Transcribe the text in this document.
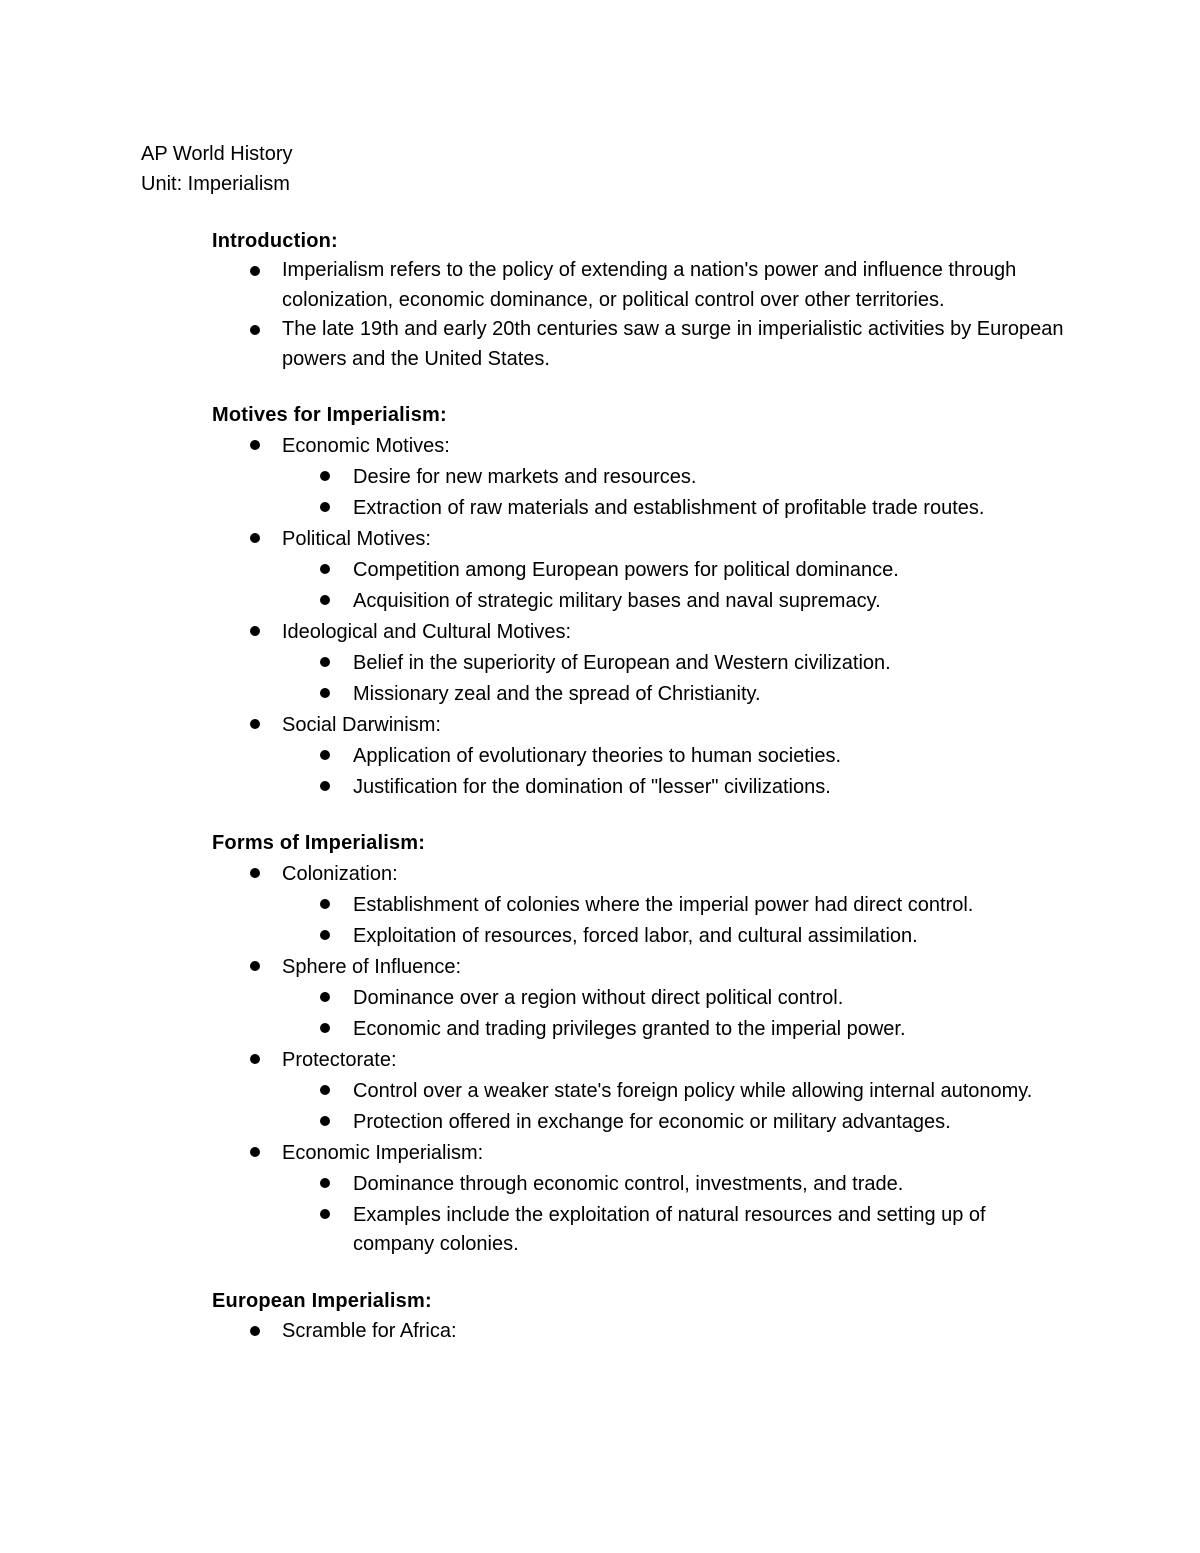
AP World History
Unit: Imperialism
Introduction:
Imperialism refers to the policy of extending a nation's power and influence through colonization, economic dominance, or political control over other territories.
The late 19th and early 20th centuries saw a surge in imperialistic activities by European powers and the United States.
Motives for Imperialism:
Economic Motives:
Desire for new markets and resources.
Extraction of raw materials and establishment of profitable trade routes.
Political Motives:
Competition among European powers for political dominance.
Acquisition of strategic military bases and naval supremacy.
Ideological and Cultural Motives:
Belief in the superiority of European and Western civilization.
Missionary zeal and the spread of Christianity.
Social Darwinism:
Application of evolutionary theories to human societies.
Justification for the domination of "lesser" civilizations.
Forms of Imperialism:
Colonization:
Establishment of colonies where the imperial power had direct control.
Exploitation of resources, forced labor, and cultural assimilation.
Sphere of Influence:
Dominance over a region without direct political control.
Economic and trading privileges granted to the imperial power.
Protectorate:
Control over a weaker state's foreign policy while allowing internal autonomy.
Protection offered in exchange for economic or military advantages.
Economic Imperialism:
Dominance through economic control, investments, and trade.
Examples include the exploitation of natural resources and setting up of company colonies.
European Imperialism:
Scramble for Africa:
